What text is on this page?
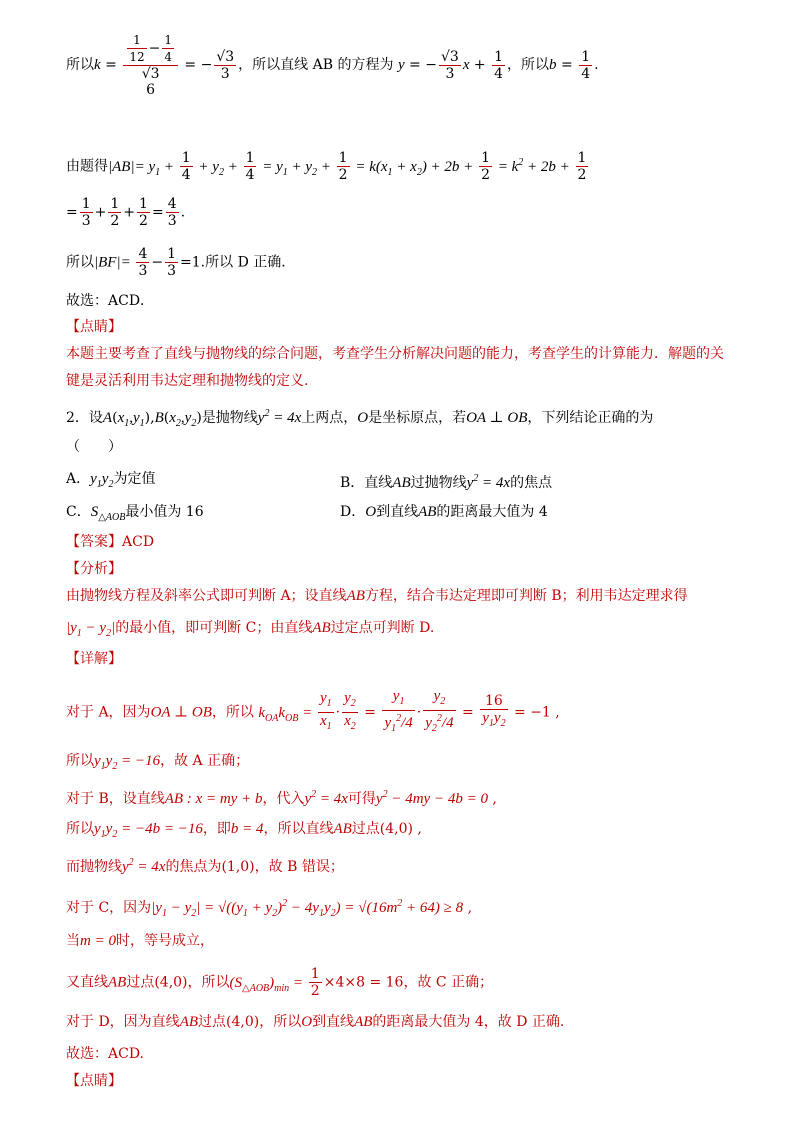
所以$k = \frac{1}{12} - \frac{1}{4}$
√3
6
= − $\frac{√3}{3}$ ，所以直线 AB 的方程为 y = − $\frac{√3}{3}$ $x + \frac{1}{4}$ ，所以$b = \frac{1}{4}$ .
由题得$|AB|= y_1 + \frac{1}{4} + y_2 + \frac{1}{4} = y_1 + y_2 + \frac{1}{2} = k(x_1 + x_2) + 2b + \frac{1}{2} = k^2 + 2b + \frac{1}{2}$
= $\frac{1}{3} + \frac{1}{2} + \frac{1}{2} = \frac{4}{3}$ .
所以$|BF|= \frac{4}{3} - \frac{1}{3} =1$.所以 D 正确.
故选：ACD．
【点睛】
本题主要考查了直线与抛物线的综合问题，考查学生分析解决问题的能力，考查学生的计算能力．解题的关
键是灵活利用韦达定理和抛物线的定义.
2．设$A(x_1,y_1),B(x_2,y_2)$是抛物线$y^2 = 4x$上两点，O是坐标原点，若OA ⊥ OB，下列结论正确的为
（　　）
A．$y_1y_2$为定值	B．直线AB过抛物线$y^2 = 4x$的焦点
C．$S_{\triangle AOB}$最小值为 16	D．O到直线AB的距离最大值为 4
【答案】ACD
【分析】
由抛物线方程及斜率公式即可判断 A；设直线AB方程，结合韦达定理即可判断 B；利用韦达定理求得
$|y_1 - y_2|$的最小值，即可判断 C；由直线AB过定点可判断 D.
【详解】
对于 A，因为OA ⊥ OB，所以 $k_{OA}k_{OB} = \frac{y_1}{x_1} \cdot \frac{y_2}{x_2} = \frac{y_1}{y_1^2/4} \cdot \frac{y_2}{y_2^2/4} = \frac{16}{y_1y_2} = -1$ ,
所以$y_1y_2 = -16$，故 A 正确；
对于 B，设直线AB : x = my + b，代入$y^2 = 4x$可得$y^2 - 4my - 4b = 0$ ,
所以$y_1y_2 = -4b = -16$，即b = 4，所以直线AB过点(4,0) ,
而抛物线$y^2 = 4x$的焦点为(1,0)，故 B 错误；
对于 C，因为$|y_1 - y_2| = √((y_1 + y_2)^2 - 4y_1y_2) = √(16m^2 + 64) \ge 8$ ,
当m = 0时，等号成立，
又直线AB过点(4,0)，所以$(S_{\triangle AOB})_{min} = \frac{1}{2} \times 4\times 8 = 16$，故 C 正确；
对于 D，因为直线AB过点(4,0)，所以O到直线AB的距离最大值为 4，故 D 正确.
故选：ACD.
【点睛】
